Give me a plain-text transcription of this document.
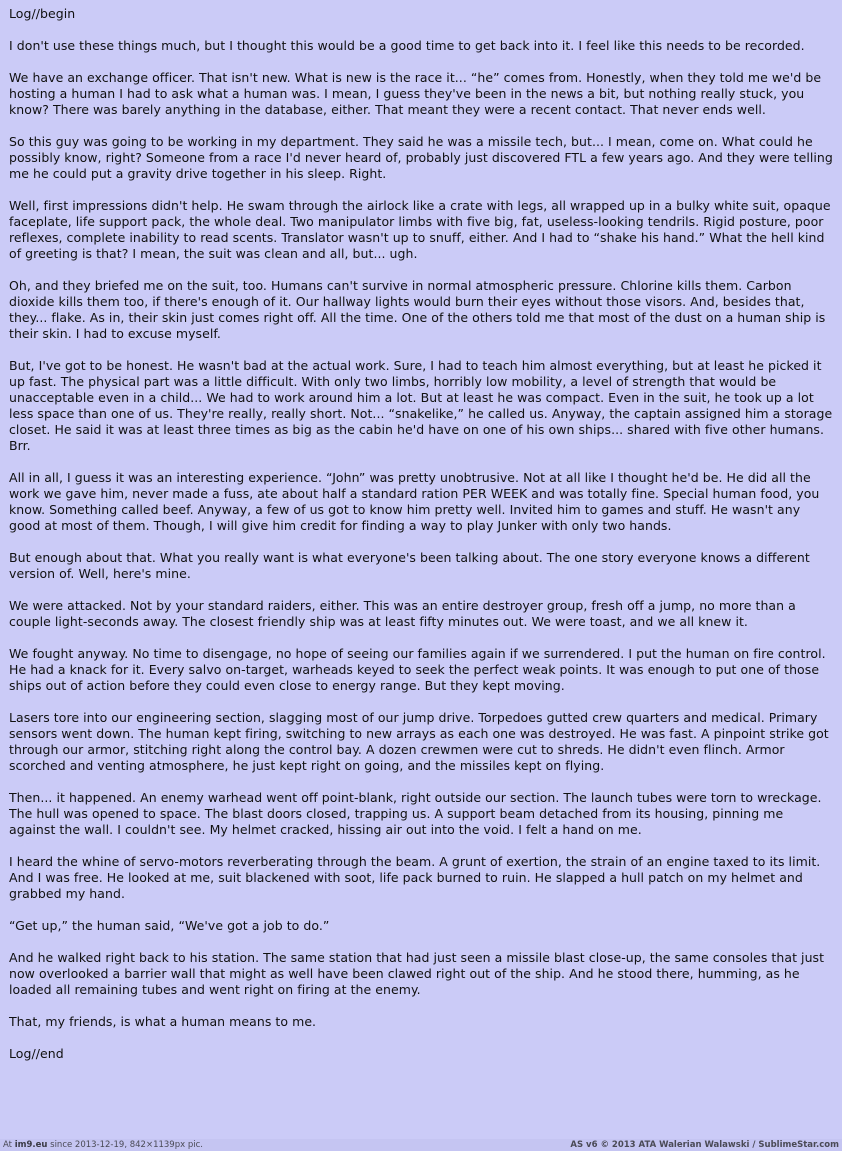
Log//begin

I don't use these things much, but I thought this would be a good time to get back into it. I feel like this needs to be recorded.

We have an exchange officer. That isn't new. What is new is the race it... “he” comes from. Honestly, when they told me we'd be hosting a human I had to ask what a human was. I mean, I guess they've been in the news a bit, but nothing really stuck, you know? There was barely anything in the database, either. That meant they were a recent contact. That never ends well.

So this guy was going to be working in my department. They said he was a missile tech, but... I mean, come on. What could he possibly know, right? Someone from a race I'd never heard of, probably just discovered FTL a few years ago. And they were telling me he could put a gravity drive together in his sleep. Right.

Well, first impressions didn't help. He swam through the airlock like a crate with legs, all wrapped up in a bulky white suit, opaque faceplate, life support pack, the whole deal. Two manipulator limbs with five big, fat, useless-looking tendrils. Rigid posture, poor reflexes, complete inability to read scents. Translator wasn't up to snuff, either. And I had to “shake his hand.” What the hell kind of greeting is that? I mean, the suit was clean and all, but... ugh.

Oh, and they briefed me on the suit, too. Humans can't survive in normal atmospheric pressure. Chlorine kills them. Carbon dioxide kills them too, if there's enough of it. Our hallway lights would burn their eyes without those visors. And, besides that, they... flake. As in, their skin just comes right off. All the time. One of the others told me that most of the dust on a human ship is their skin. I had to excuse myself.

But, I've got to be honest. He wasn't bad at the actual work. Sure, I had to teach him almost everything, but at least he picked it up fast. The physical part was a little difficult. With only two limbs, horribly low mobility, a level of strength that would be unacceptable even in a child... We had to work around him a lot. But at least he was compact. Even in the suit, he took up a lot less space than one of us. They're really, really short. Not... “snakelike,” he called us. Anyway, the captain assigned him a storage closet. He said it was at least three times as big as the cabin he'd have on one of his own ships... shared with five other humans. Brr.

All in all, I guess it was an interesting experience. “John” was pretty unobtrusive. Not at all like I thought he'd be. He did all the work we gave him, never made a fuss, ate about half a standard ration PER WEEK and was totally fine. Special human food, you know. Something called beef. Anyway, a few of us got to know him pretty well. Invited him to games and stuff. He wasn't any good at most of them. Though, I will give him credit for finding a way to play Junker with only two hands.

But enough about that. What you really want is what everyone's been talking about. The one story everyone knows a different version of. Well, here's mine.

We were attacked. Not by your standard raiders, either. This was an entire destroyer group, fresh off a jump, no more than a couple light-seconds away. The closest friendly ship was at least fifty minutes out. We were toast, and we all knew it.

We fought anyway. No time to disengage, no hope of seeing our families again if we surrendered. I put the human on fire control. He had a knack for it. Every salvo on-target, warheads keyed to seek the perfect weak points. It was enough to put one of those ships out of action before they could even close to energy range. But they kept moving.

Lasers tore into our engineering section, slagging most of our jump drive. Torpedoes gutted crew quarters and medical. Primary sensors went down. The human kept firing, switching to new arrays as each one was destroyed. He was fast. A pinpoint strike got through our armor, stitching right along the control bay. A dozen crewmen were cut to shreds. He didn't even flinch. Armor scorched and venting atmosphere, he just kept right on going, and the missiles kept on flying.

Then... it happened. An enemy warhead went off point-blank, right outside our section. The launch tubes were torn to wreckage. The hull was opened to space. The blast doors closed, trapping us. A support beam detached from its housing, pinning me against the wall. I couldn't see. My helmet cracked, hissing air out into the void. I felt a hand on me.

I heard the whine of servo-motors reverberating through the beam. A grunt of exertion, the strain of an engine taxed to its limit. And I was free. He looked at me, suit blackened with soot, life pack burned to ruin. He slapped a hull patch on my helmet and grabbed my hand.

“Get up,” the human said, “We've got a job to do.”

And he walked right back to his station. The same station that had just seen a missile blast close-up, the same consoles that just now overlooked a barrier wall that might as well have been clawed right out of the ship. And he stood there, humming, as he loaded all remaining tubes and went right on firing at the enemy.

That, my friends, is what a human means to me.

Log//end

At im9.eu since 2013-12-19, 842×1139px pic.	AS v6 © 2013 ATA Walerian Walawski / SublimeStar.com
